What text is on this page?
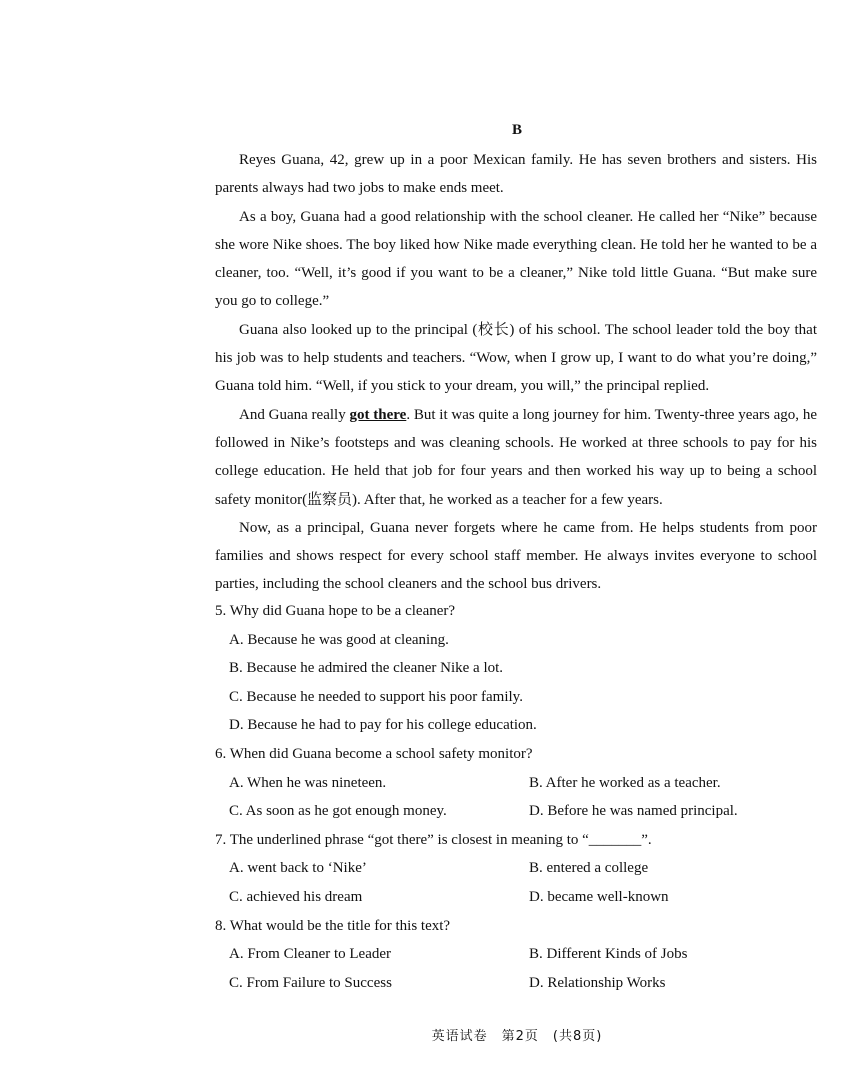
B

Reyes Guana, 42, grew up in a poor Mexican family. He has seven brothers and sisters. His parents always had two jobs to make ends meet.

As a boy, Guana had a good relationship with the school cleaner. He called her “Nike” because she wore Nike shoes. The boy liked how Nike made everything clean. He told her he wanted to be a cleaner, too. “Well, it’s good if you want to be a cleaner,” Nike told little Guana. “But make sure you go to college.”

Guana also looked up to the principal (校长) of his school. The school leader told the boy that his job was to help students and teachers. “Wow, when I grow up, I want to do what you’re doing,” Guana told him. “Well, if you stick to your dream, you will,” the principal replied.

And Guana really got there. But it was quite a long journey for him. Twenty-three years ago, he followed in Nike’s footsteps and was cleaning schools. He worked at three schools to pay for his college education. He held that job for four years and then worked his way up to being a school safety monitor(监察员). After that, he worked as a teacher for a few years.

Now, as a principal, Guana never forgets where he came from. He helps students from poor families and shows respect for every school staff member. He always invites everyone to school parties, including the school cleaners and the school bus drivers.

5. Why did Guana hope to be a cleaner?

A. Because he was good at cleaning.

B. Because he admired the cleaner Nike a lot.

C. Because he needed to support his poor family.

D. Because he had to pay for his college education.

6. When did Guana become a school safety monitor?

A. When he was nineteen.	B. After he worked as a teacher.
C. As soon as he got enough money.	D. Before he was named principal.

7. The underlined phrase “got there” is closest in meaning to “_______”.

A. went back to ‘Nike’	B. entered a college
C. achieved his dream	D. became well-known

8. What would be the title for this text?

A. From Cleaner to Leader	B. Different Kinds of Jobs
C. From Failure to Success	D. Relationship Works
英语试卷　第2页　(共8页)
